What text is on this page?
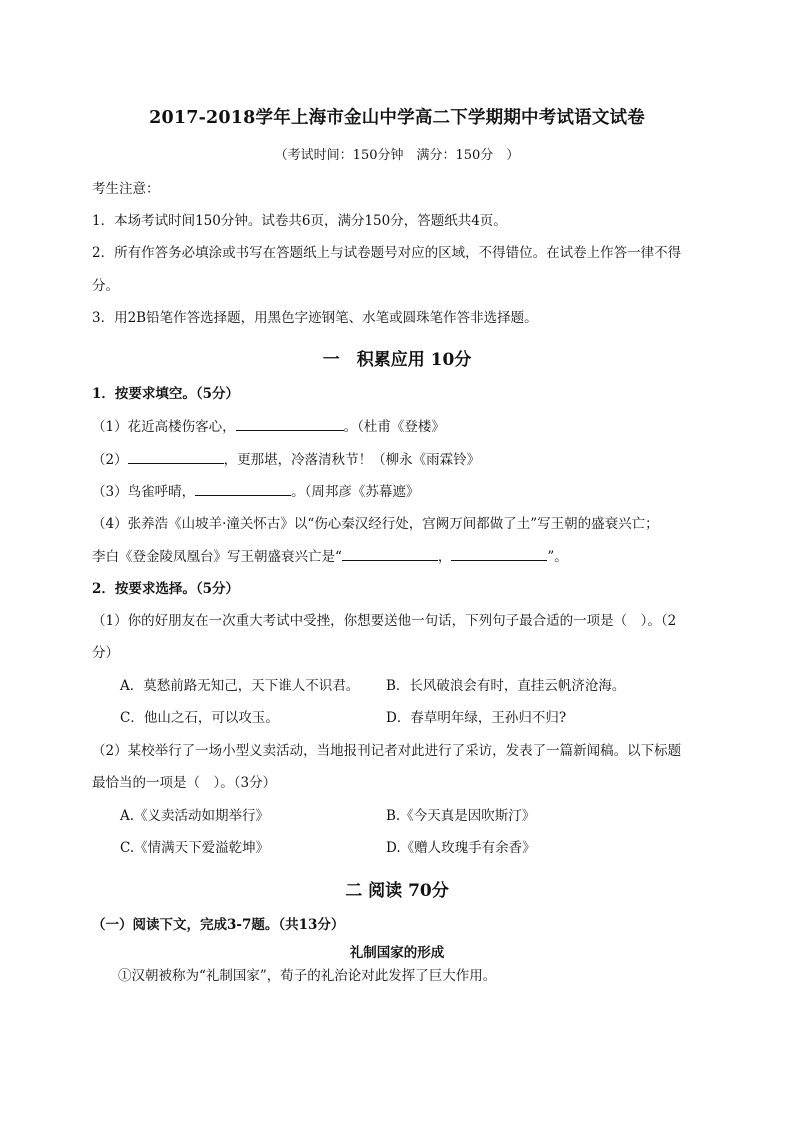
2017-2018学年上海市金山中学高二下学期期中考试语文试卷
（考试时间：150分钟　满分：150分　）
考生注意：
1．本场考试时间150分钟。试卷共6页，满分150分，答题纸共4页。
2．所有作答务必填涂或书写在答题纸上与试卷题号对应的区域，不得错位。在试卷上作答一律不得
分。
3．用2B铅笔作答选择题，用黑色字迹钢笔、水笔或圆珠笔作答非选择题。
一　积累应用 10分
1．按要求填空。（5分）
（1）花近高楼伤客心，	。（杜甫《登楼》
（2）	，更那堪，冷落清秋节！（柳永《雨霖铃》
（3）鸟雀呼晴，	。（周邦彦《苏幕遮》
（4）张养浩《山坡羊·潼关怀古》以“伤心秦汉经行处，宫阙万间都做了土”写王朝的盛衰兴亡；
李白《登金陵凤凰台》写王朝盛衰兴亡是“	，	”。
2．按要求选择。（5分）
（1）你的好朋友在一次重大考试中受挫，你想要送他一句话，下列句子最合适的一项是（　）。（2
分）
A．莫愁前路无知己，天下谁人不识君。 B．长风破浪会有时，直挂云帆济沧海。
C．他山之石，可以攻玉。	D．春草明年绿，王孙归不归?
（2）某校举行了一场小型义卖活动，当地报刊记者对此进行了采访，发表了一篇新闻稿。以下标题
最恰当的一项是（　）。（3分）
A.《义卖活动如期举行》	B.《今天真是因吹斯汀》
C.《情满天下爱溢乾坤》	D.《赠人玫瑰手有余香》
二 阅读 70分
（一）阅读下文，完成3-7题。（共13分）
礼制国家的形成
①汉朝被称为“礼制国家”，荀子的礼治论对此发挥了巨大作用。
